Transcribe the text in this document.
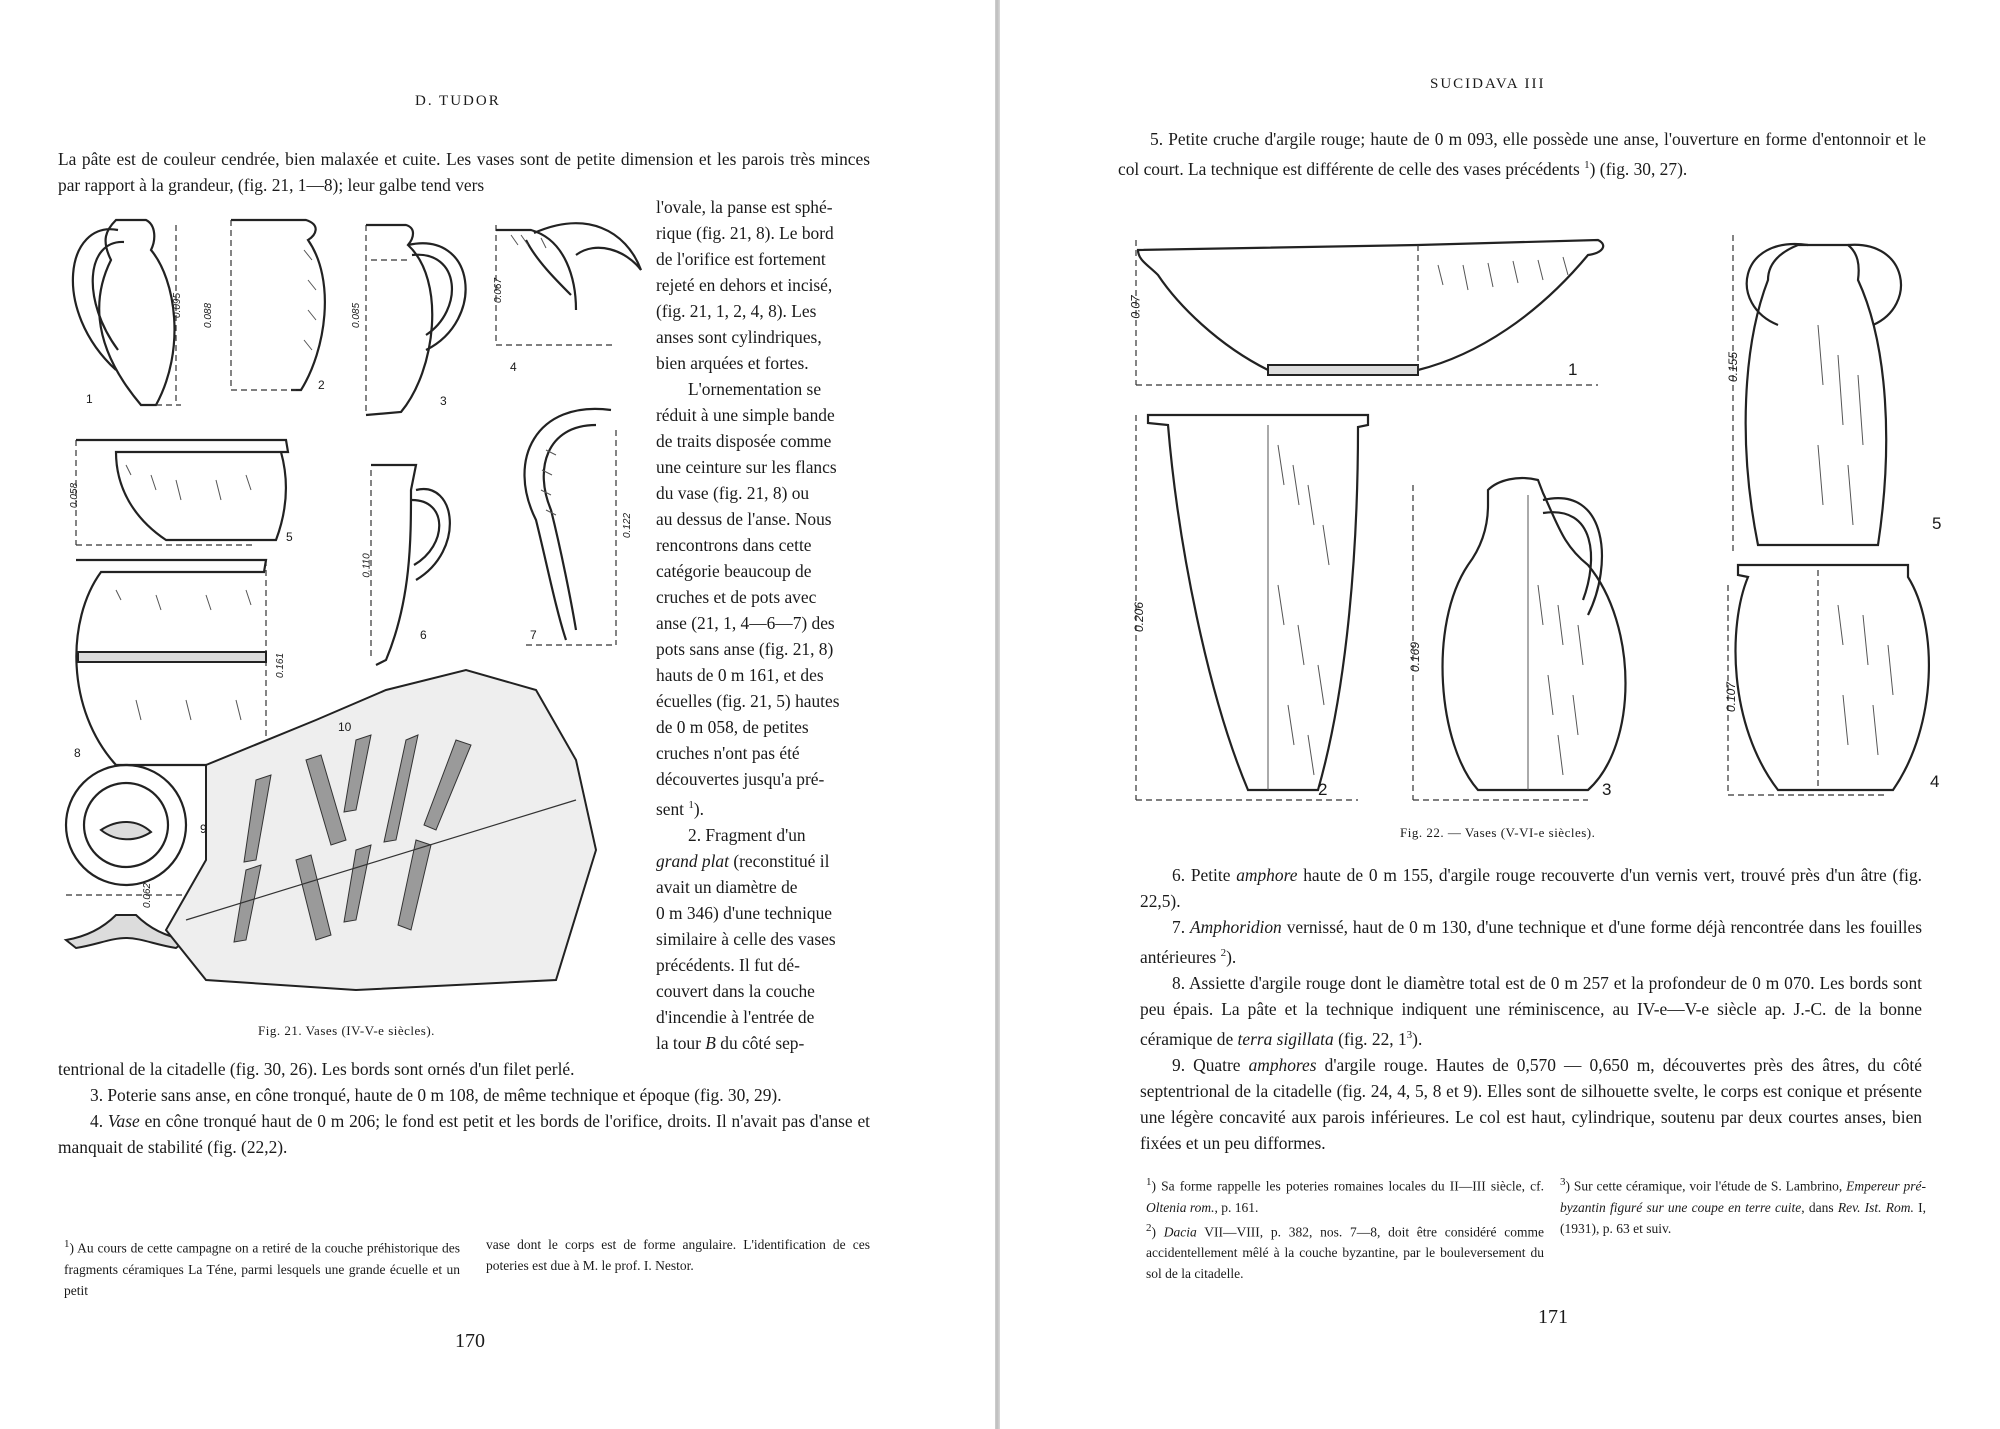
D. TUDOR

La pâte est de couleur cendrée, bien malaxée et cuite. Les vases sont de petite dimension et les parois très minces par rapport à la grandeur, (fig. 21, 1—8); leur galbe tend vers

l'ovale, la panse est sphé-
rique (fig. 21, 8). Le bord
de l'orifice est fortement
rejeté en dehors et incisé,
(fig. 21, 1, 2, 4, 8). Les
anses sont cylindriques,
bien arquées et fortes.
L'ornementation se
réduit à une simple bande
de traits disposée comme
une ceinture sur les flancs
du vase (fig. 21, 8) ou
au dessus de l'anse. Nous
rencontrons dans cette
catégorie beaucoup de
cruches et de pots avec
anse (21, 1, 4—6—7) des
pots sans anse (fig. 21, 8)
hauts de 0 m 161, et des
écuelles (fig. 21, 5) hautes
de 0 m 058, de petites
cruches n'ont pas été
découvertes jusqu'a pré-
sent $^1$).
2. Fragment d'un
grand plat (reconstitué il
avait un diamètre de
0 m 346) d'une technique
similaire à celle des vases
précédents. Il fut dé-
couvert dans la couche
d'incendie à l'entrée de
la tour B du côté sep-
1
2
3
4
5
6	7
8
9
10
0.095 0.088	0.085
0.067
0.058
0.110
0.122
0.161
0.062
Fig. 21. Vases (IV-V-e siècles).

tentrional de la citadelle (fig. 30, 26). Les bords sont ornés d'un filet perlé.

3. Poterie sans anse, en cône tronqué, haute de 0 m 108, de même technique et époque (fig. 30, 29).

4. Vase en cône tronqué haut de 0 m 206; le fond est petit et les bords de l'orifice, droits. Il n'avait pas d'anse et manquait de stabilité (fig. (22,2).

$^1$) Au cours de cette campagne on a retiré de la couche préhistorique des fragments céramiques La Téne, parmi lesquels une grande écuelle et un petit
vase dont le corps est de forme angulaire. L'identification de ces poteries est due à M. le prof. I. Nestor.
170
SUCIDAVA III

5. Petite cruche d'argile rouge; haute de 0 m 093, elle possède une anse, l'ouverture en forme d'entonnoir et le col court. La technique est différente de celle des vases précédents $^1$) (fig. 30, 27).

1
2	3	4
5
0.07
0.206
0.169
0.155
0.107
Fig. 22. — Vases (V-VI-e siècles).

6. Petite amphore haute de 0 m 155, d'argile rouge recouverte d'un vernis vert, trouvé près d'un âtre (fig. 22,5).

7. Amphoridion vernissé, haut de 0 m 130, d'une technique et d'une forme déjà rencontrée dans les fouilles antérieures $^2$).

8. Assiette d'argile rouge dont le diamètre total est de 0 m 257 et la profondeur de 0 m 070. Les bords sont peu épais. La pâte et la technique indiquent une réminiscence, au IV-e—V-e siècle ap. J.-C. de la bonne céramique de terra sigillata (fig. 22, $1^3$).

9. Quatre amphores d'argile rouge. Hautes de 0,570 — 0,650 m, découvertes près des âtres, du côté septentrional de la citadelle (fig. 24, 4, 5, 8 et 9). Elles sont de silhouette svelte, le corps est conique et présente une légère concavité aux parois inférieures. Le col est haut, cylindrique, soutenu par deux courtes anses, bien fixées et un peu difformes.

$^1$) Sa forme rappelle les poteries romaines locales du II—III siècle, cf. Oltenia rom., p. 161.

$^2$) Dacia VII—VIII, p. 382, nos. 7—8, doit être considéré comme accidentellement mêlé à la couche byzantine, par le bouleversement du sol de la citadelle.

$^3$) Sur cette céramique, voir l'étude de S. Lambrino, Empereur pré-byzantin figuré sur une coupe en terre cuite, dans Rev. Ist. Rom. I, (1931), p. 63 et suiv.
171
